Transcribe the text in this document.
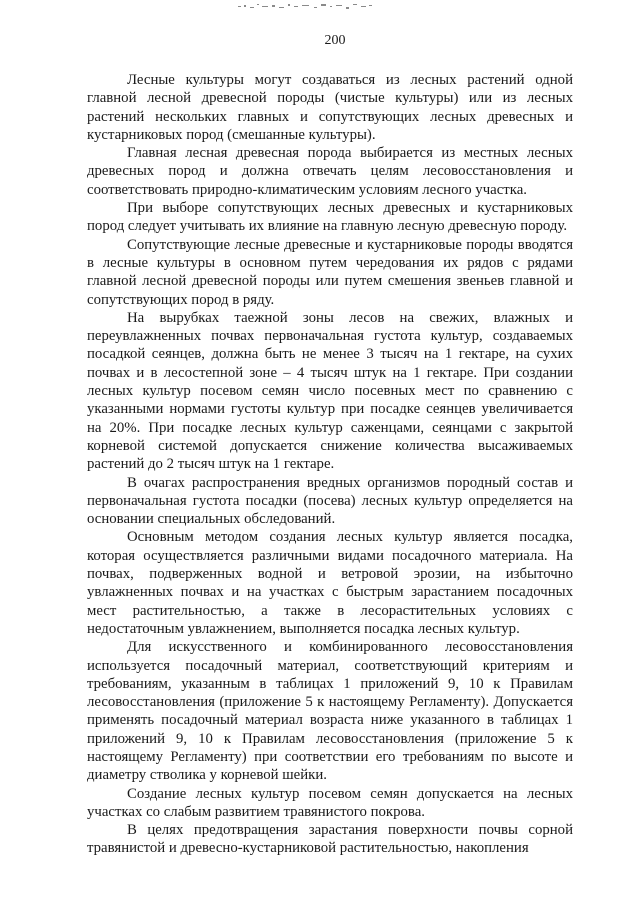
200

Лесные культуры могут создаваться из лесных растений одной главной лесной древесной породы (чистые культуры) или из лесных растений нескольких главных и сопутствующих лесных древесных и кустарниковых пород (смешанные культуры).

Главная лесная древесная порода выбирается из местных лесных древесных пород и должна отвечать целям лесовосстановления и соответствовать природно-климатическим условиям лесного участка.

При выборе сопутствующих лесных древесных и кустарниковых пород следует учитывать их влияние на главную лесную древесную породу.

Сопутствующие лесные древесные и кустарниковые породы вводятся в лесные культуры в основном путем чередования их рядов с рядами главной лесной древесной породы или путем смешения звеньев главной и сопутствующих пород в ряду.

На вырубках таежной зоны лесов на свежих, влажных и переувлажненных почвах первоначальная густота культур, создаваемых посадкой сеянцев, должна быть не менее 3 тысяч на 1 гектаре, на сухих почвах и в лесостепной зоне – 4 тысяч штук на 1 гектаре. При создании лесных культур посевом семян число посевных мест по сравнению с указанными нормами густоты культур при посадке сеянцев увеличивается на 20%. При посадке лесных культур саженцами, сеянцами с закрытой корневой системой допускается снижение количества высаживаемых растений до 2 тысяч штук на 1 гектаре.

В очагах распространения вредных организмов породный состав и первоначальная густота посадки (посева) лесных культур определяется на основании специальных обследований.

Основным методом создания лесных культур является посадка, которая осуществляется различными видами посадочного материала. На почвах, подверженных водной и ветровой эрозии, на избыточно увлажненных почвах и на участках с быстрым зарастанием посадочных мест растительностью, а также в лесорастительных условиях с недостаточным увлажнением, выполняется посадка лесных культур.

Для искусственного и комбинированного лесовосстановления используется посадочный материал, соответствующий критериям и требованиям, указанным в таблицах 1 приложений 9, 10 к Правилам лесовосстановления (приложение 5 к настоящему Регламенту). Допускается применять посадочный материал возраста ниже указанного в таблицах 1 приложений 9, 10 к Правилам лесовосстановления (приложение 5 к настоящему Регламенту) при соответствии его требованиям по высоте и диаметру стволика у корневой шейки.

Создание лесных культур посевом семян допускается на лесных участках со слабым развитием травянистого покрова.

В целях предотвращения зарастания поверхности почвы сорной травянистой и древесно-кустарниковой растительностью, накопления
